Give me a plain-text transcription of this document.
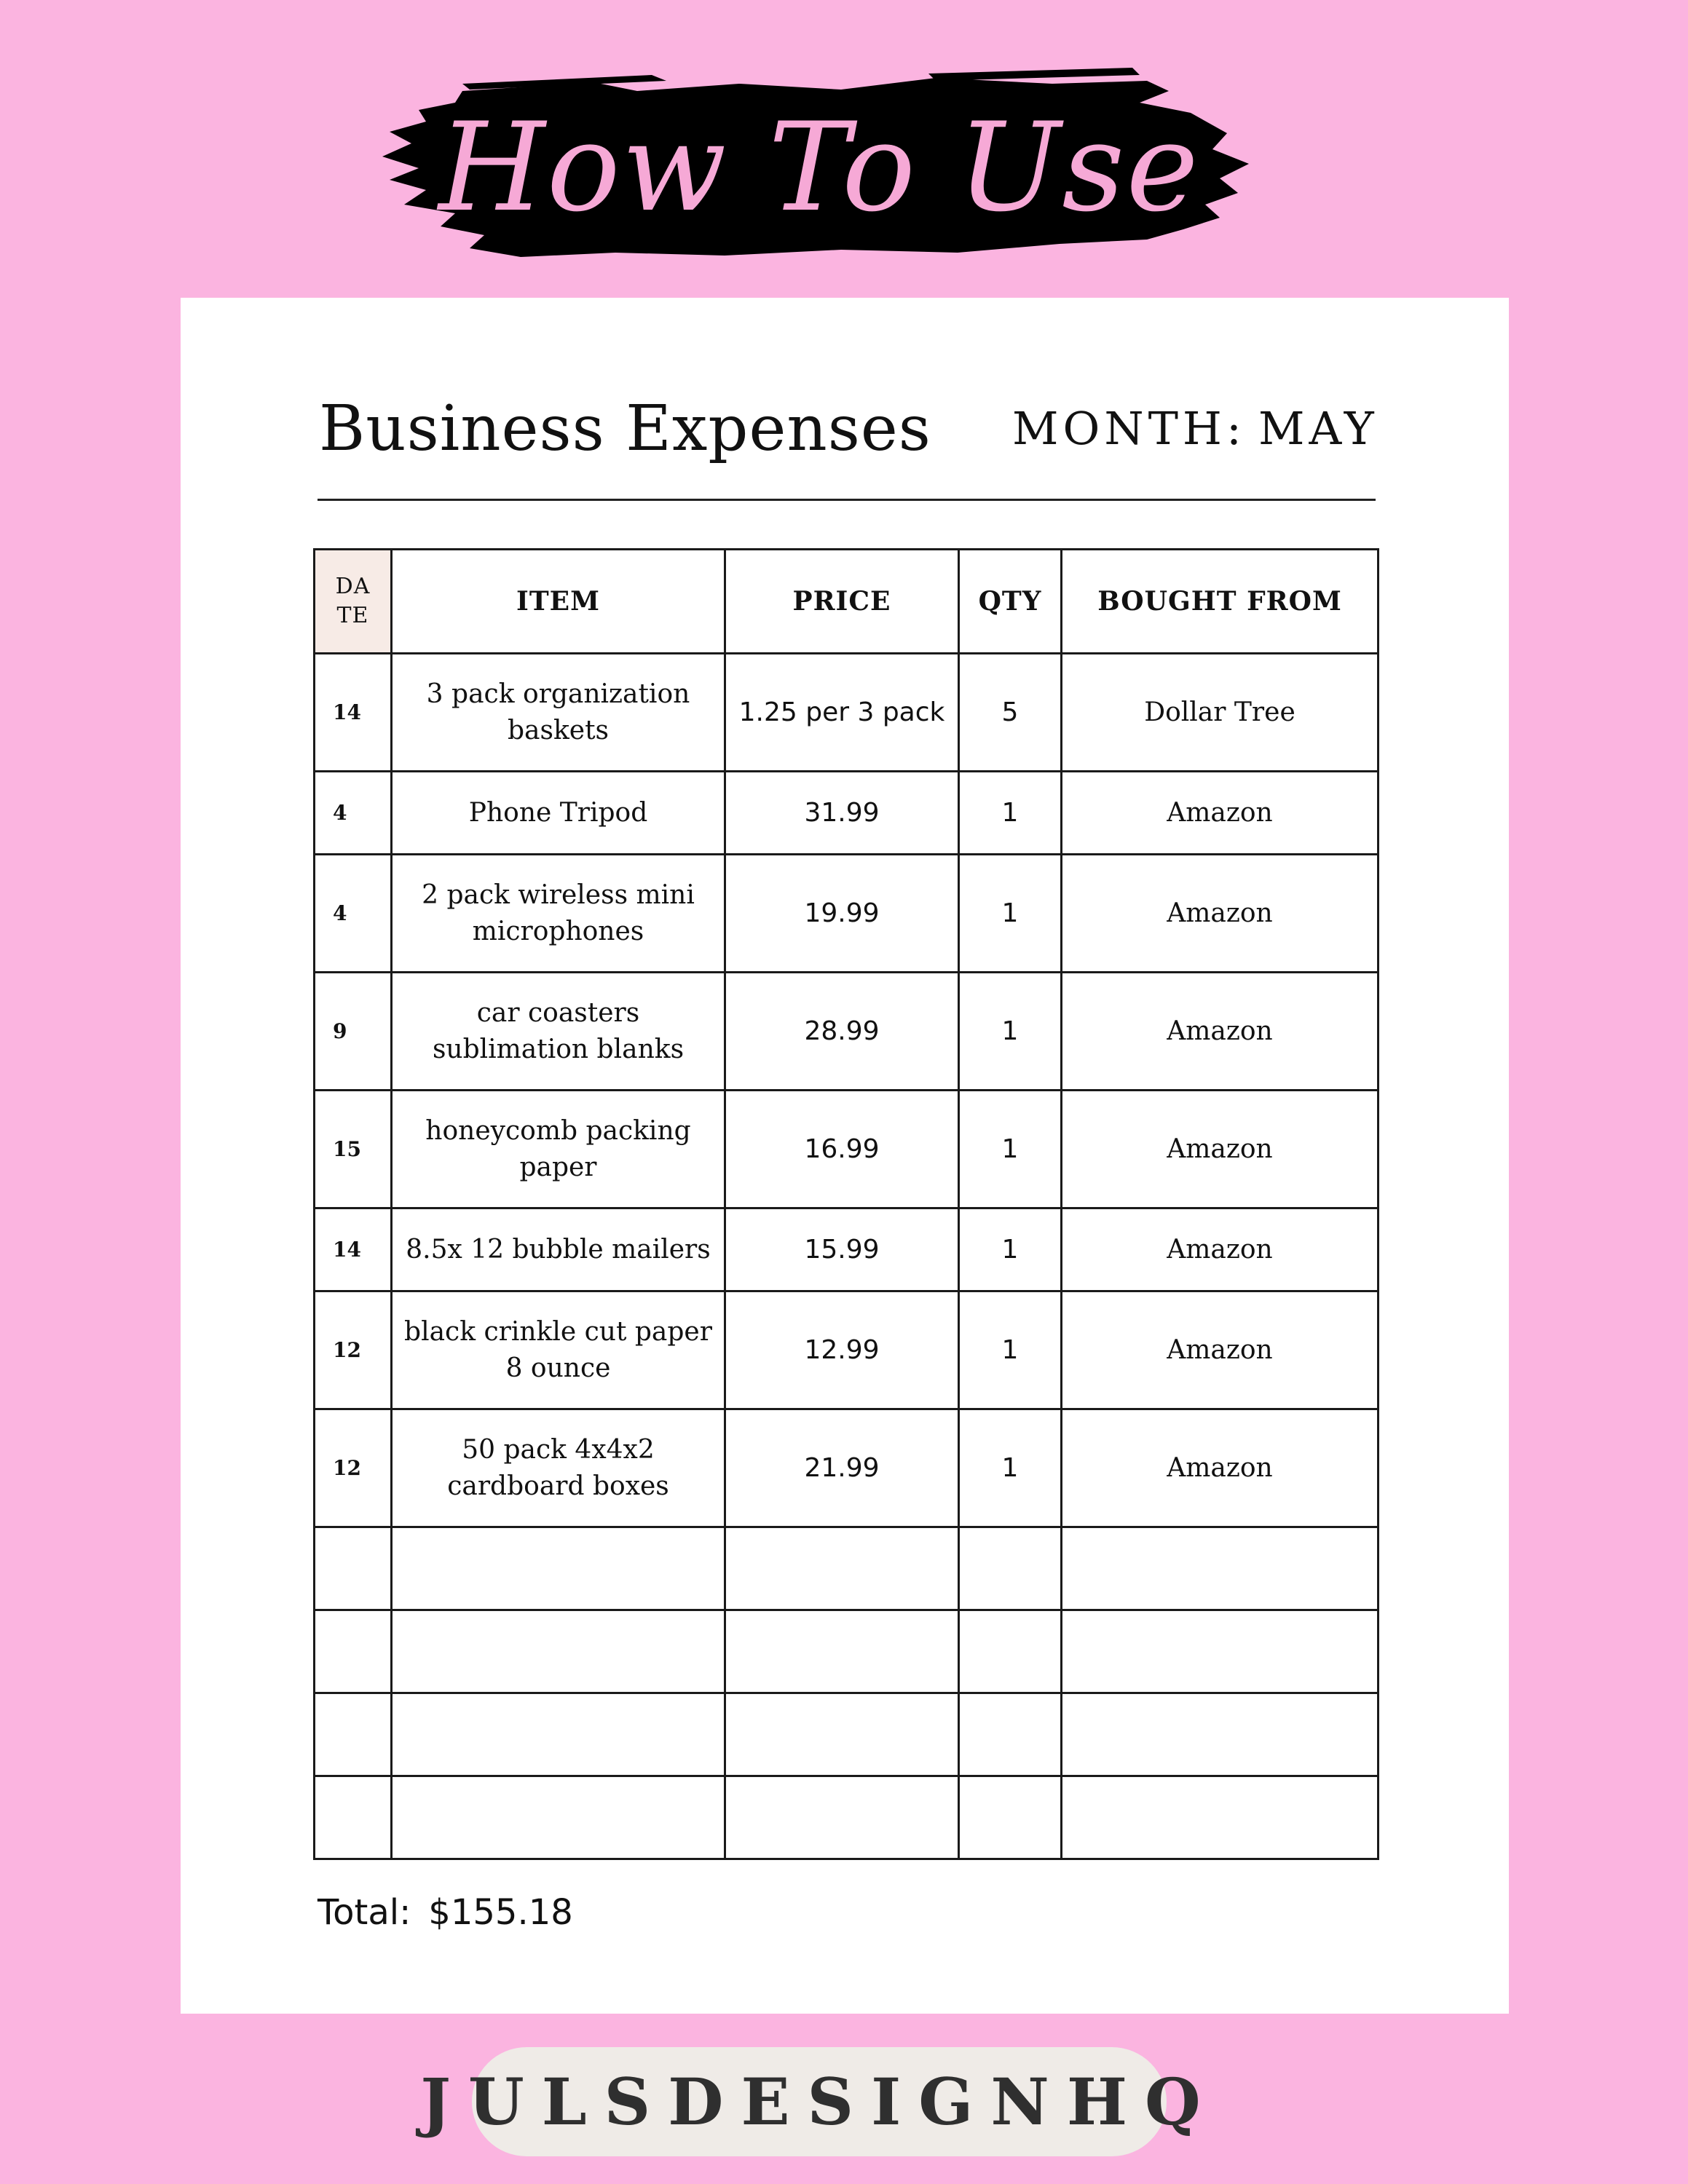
How To Use
Business Expenses MONTH: MAY
DA TE	ITEM	PRICE	QTY	BOUGHT FROM
14	3 pack organization baskets	1.25 per 3 pack	5	Dollar Tree
4	Phone Tripod	31.99	1	Amazon
4	2 pack wireless mini microphones	19.99	1	Amazon
9	car coasters sublimation blanks	28.99	1	Amazon
15	honeycomb packing paper	16.99	1	Amazon
14	8.5x 12 bubble mailers	15.99	1	Amazon
12	black crinkle cut paper 8 ounce	12.99	1	Amazon
12	50 pack 4x4x2 cardboard boxes	21.99	1	Amazon

Total: $155.18
JULSDESIGNHQ
